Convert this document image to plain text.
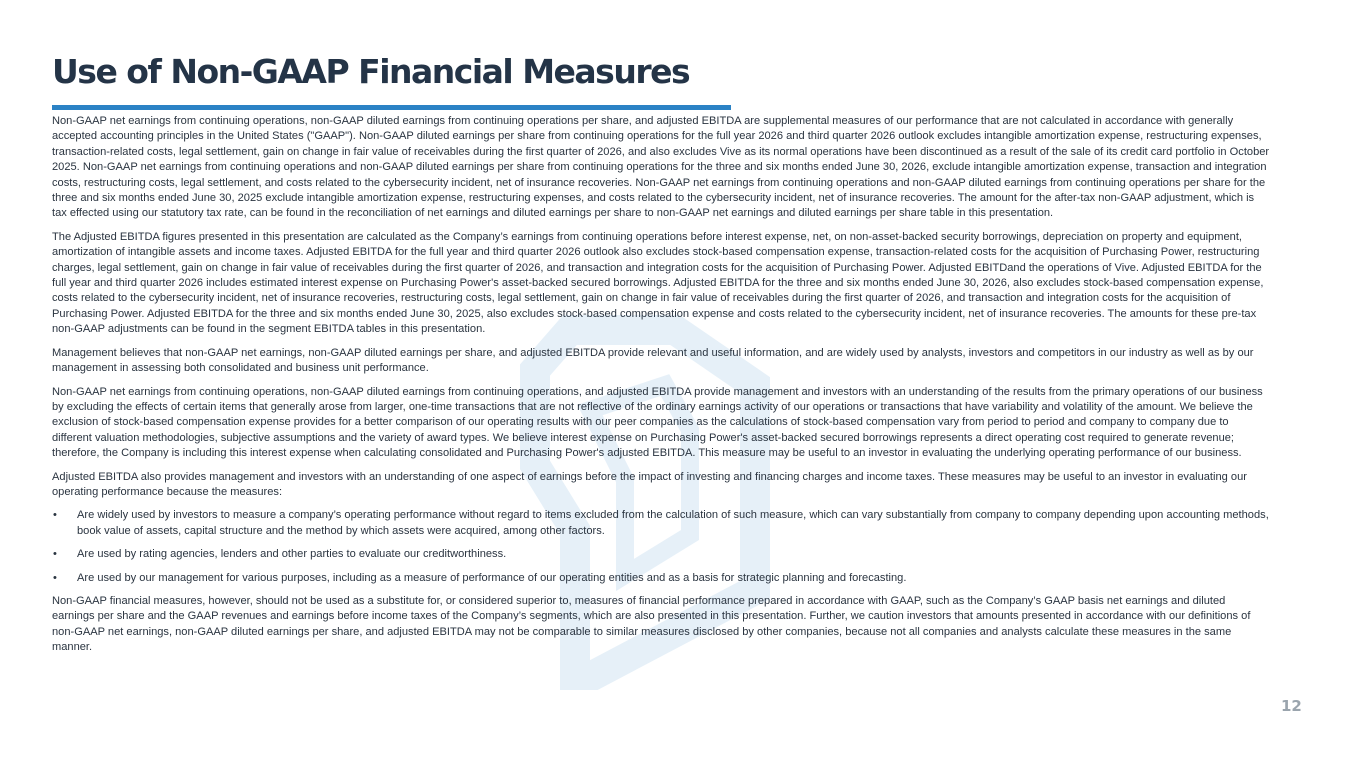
Use of Non-GAAP Financial Measures

Non-GAAP net earnings from continuing operations, non-GAAP diluted earnings from continuing operations per share, and adjusted EBITDA are supplemental measures of our performance that are not calculated in accordance with generally accepted accounting principles in the United States ("GAAP"). Non-GAAP diluted earnings per share from continuing operations for the full year 2026 and third quarter 2026 outlook excludes intangible amortization expense, restructuring expenses, transaction-related costs, legal settlement, gain on change in fair value of receivables during the first quarter of 2026, and also excludes Vive as its normal operations have been discontinued as a result of the sale of its credit card portfolio in October 2025. Non-GAAP net earnings from continuing operations and non-GAAP diluted earnings per share from continuing operations for the three and six months ended June 30, 2026, exclude intangible amortization expense, transaction and integration costs, restructuring costs, legal settlement, and costs related to the cybersecurity incident, net of insurance recoveries. Non-GAAP net earnings from continuing operations and non-GAAP diluted earnings from continuing operations per share for the three and six months ended June 30, 2025 exclude intangible amortization expense, restructuring expenses, and costs related to the cybersecurity incident, net of insurance recoveries. The amount for the after-tax non-GAAP adjustment, which is tax effected using our statutory tax rate, can be found in the reconciliation of net earnings and diluted earnings per share to non-GAAP net earnings and diluted earnings per share table in this presentation.

The Adjusted EBITDA figures presented in this presentation are calculated as the Company’s earnings from continuing operations before interest expense, net, on non-asset-backed security borrowings, depreciation on property and equipment, amortization of intangible assets and income taxes. Adjusted EBITDA for the full year and third quarter 2026 outlook also excludes stock-based compensation expense, transaction-related costs for the acquisition of Purchasing Power, restructuring charges, legal settlement, gain on change in fair value of receivables during the first quarter of 2026, and transaction and integration costs for the acquisition of Purchasing Power. Adjusted EBITDand the operations of Vive. Adjusted EBITDA for the full year and third quarter 2026 includes estimated interest expense on Purchasing Power's asset-backed secured borrowings. Adjusted EBITDA for the three and six months ended June 30, 2026, also excludes stock-based compensation expense, costs related to the cybersecurity incident, net of insurance recoveries, restructuring costs, legal settlement, gain on change in fair value of receivables during the first quarter of 2026, and transaction and integration costs for the acquisition of Purchasing Power. Adjusted EBITDA for the three and six months ended June 30, 2025, also excludes stock-based compensation expense and costs related to the cybersecurity incident, net of insurance recoveries. The amounts for these pre-tax non-GAAP adjustments can be found in the segment EBITDA tables in this presentation.

Management believes that non-GAAP net earnings, non-GAAP diluted earnings per share, and adjusted EBITDA provide relevant and useful information, and are widely used by analysts, investors and competitors in our industry as well as by our management in assessing both consolidated and business unit performance.

Non-GAAP net earnings from continuing operations, non-GAAP diluted earnings from continuing operations, and adjusted EBITDA provide management and investors with an understanding of the results from the primary operations of our business by excluding the effects of certain items that generally arose from larger, one-time transactions that are not reflective of the ordinary earnings activity of our operations or transactions that have variability and volatility of the amount. We believe the exclusion of stock-based compensation expense provides for a better comparison of our operating results with our peer companies as the calculations of stock-based compensation vary from period to period and company to company due to different valuation methodologies, subjective assumptions and the variety of award types. We believe interest expense on Purchasing Power's asset-backed secured borrowings represents a direct operating cost required to generate revenue; therefore, the Company is including this interest expense when calculating consolidated and Purchasing Power's adjusted EBITDA. This measure may be useful to an investor in evaluating the underlying operating performance of our business.

Adjusted EBITDA also provides management and investors with an understanding of one aspect of earnings before the impact of investing and financing charges and income taxes. These measures may be useful to an investor in evaluating our operating performance because the measures:

• Are widely used by investors to measure a company’s operating performance without regard to items excluded from the calculation of such measure, which can vary substantially from company to company depending upon accounting methods, book value of assets, capital structure and the method by which assets were acquired, among other factors.
• Are used by rating agencies, lenders and other parties to evaluate our creditworthiness.
• Are used by our management for various purposes, including as a measure of performance of our operating entities and as a basis for strategic planning and forecasting.

Non-GAAP financial measures, however, should not be used as a substitute for, or considered superior to, measures of financial performance prepared in accordance with GAAP, such as the Company’s GAAP basis net earnings and diluted earnings per share and the GAAP revenues and earnings before income taxes of the Company’s segments, which are also presented in this presentation. Further, we caution investors that amounts presented in accordance with our definitions of non-GAAP net earnings, non-GAAP diluted earnings per share, and adjusted EBITDA may not be comparable to similar measures disclosed by other companies, because not all companies and analysts calculate these measures in the same manner.

12
